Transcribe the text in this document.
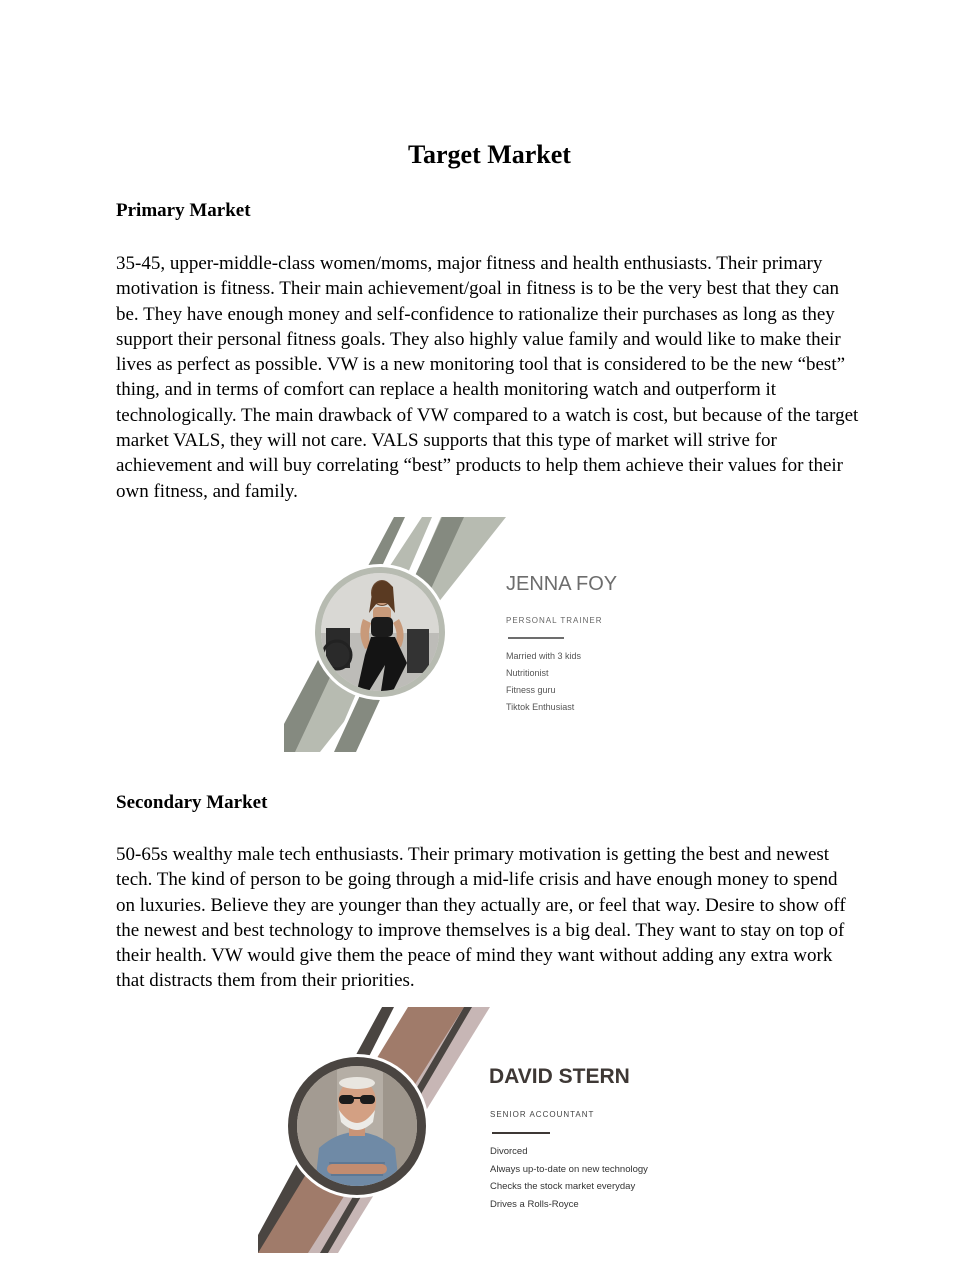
Target Market
Primary Market

35-45, upper-middle-class women/moms, major fitness and health enthusiasts. Their primary motivation is fitness. Their main achievement/goal in fitness is to be the very best that they can be. They have enough money and self-confidence to rationalize their purchases as long as they support their personal fitness goals. They also highly value family and would like to make their lives as perfect as possible. VW is a new monitoring tool that is considered to be the new “best” thing, and in terms of comfort can replace a health monitoring watch and outperform it technologically. The main drawback of VW compared to a watch is cost, but because of the target market VALS, they will not care. VALS supports that this type of market will strive for achievement and will buy correlating “best” products to help them achieve their values for their own fitness, and family.

JENNA FOY
PERSONAL TRAINER
Married with 3 kids
Nutritionist
Fitness guru
Tiktok Enthusiast
Secondary Market

50-65s wealthy male tech enthusiasts. Their primary motivation is getting the best and newest tech. The kind of person to be going through a mid-life crisis and have enough money to spend on luxuries. Believe they are younger than they actually are, or feel that way. Desire to show off the newest and best technology to improve themselves is a big deal. They want to stay on top of their health. VW would give them the peace of mind they want without adding any extra work that distracts them from their priorities.

DAVID STERN
SENIOR ACCOUNTANT
Divorced
Always up-to-date on new technology
Checks the stock market everyday
Drives a Rolls-Royce
